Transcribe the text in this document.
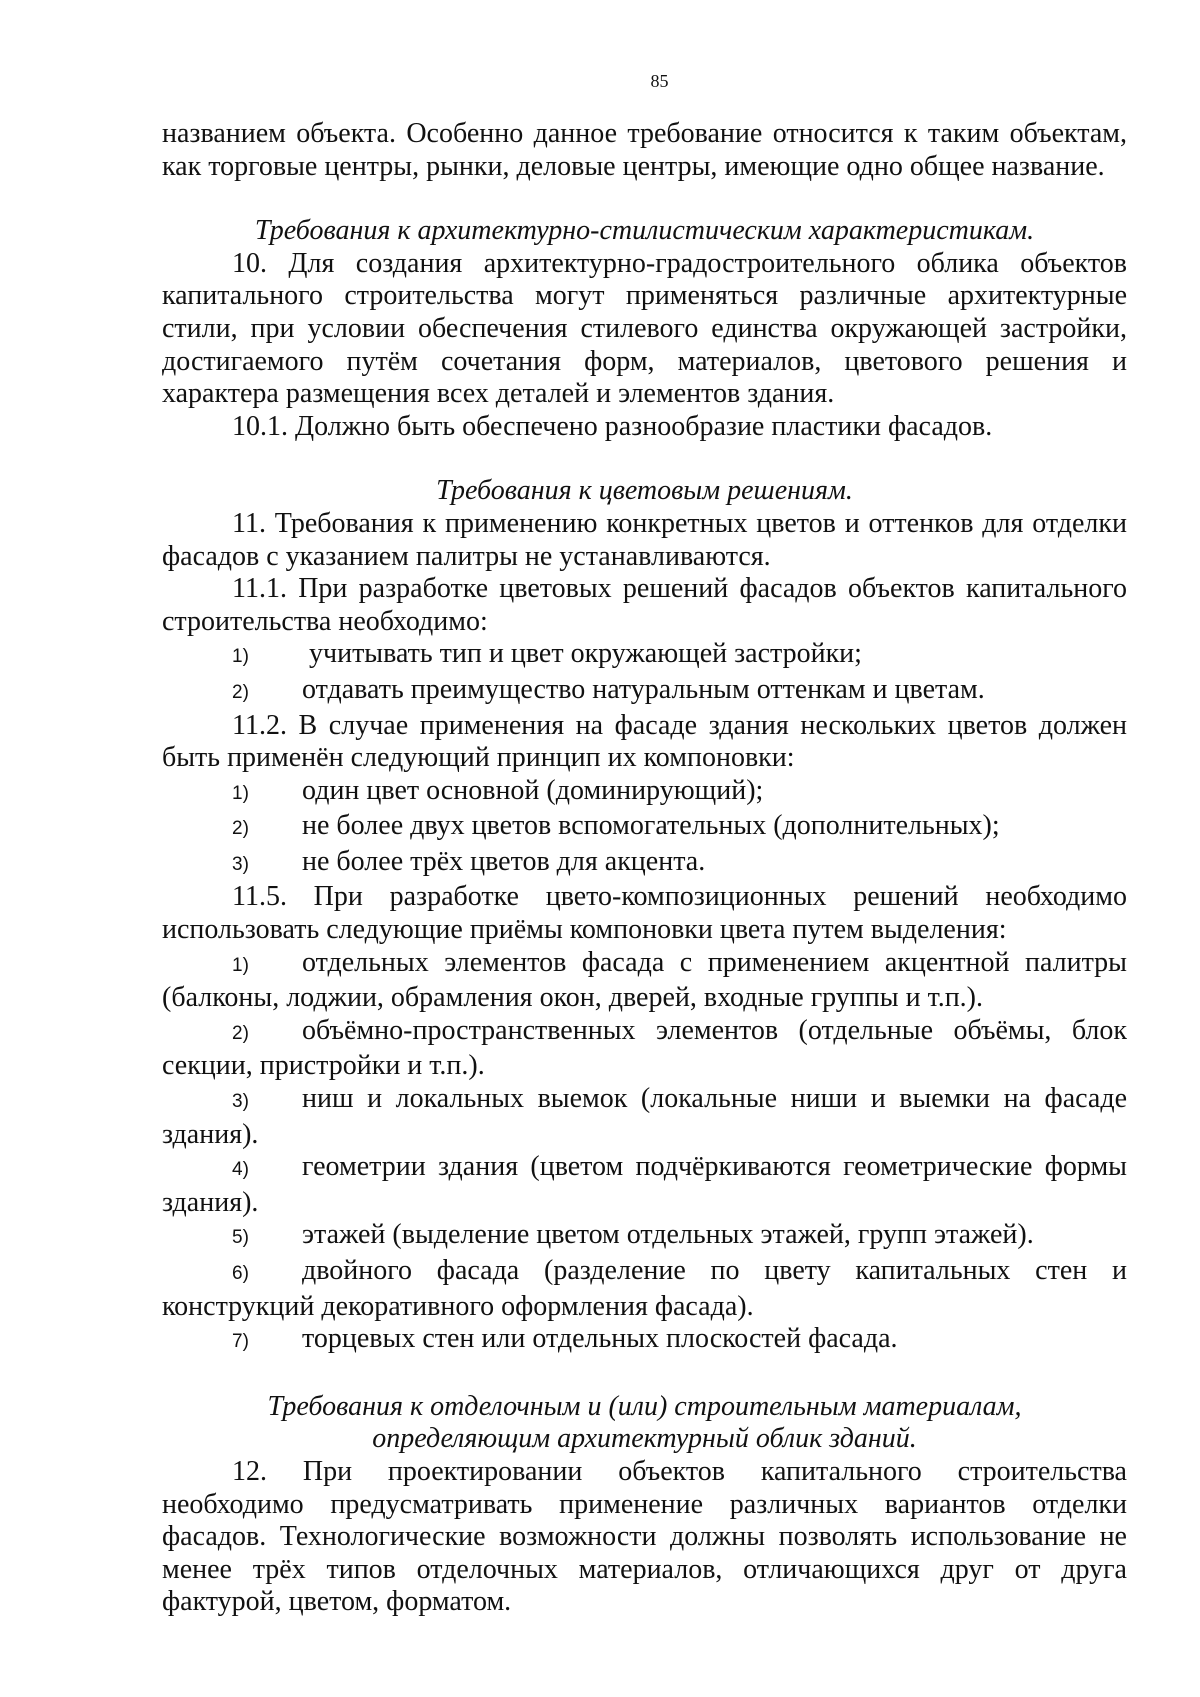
85

названием объекта. Особенно данное требование относится к таким объектам, как торговые центры, рынки, деловые центры, имеющие одно общее название.

Требования к архитектурно-стилистическим характеристикам.

10. Для создания архитектурно-градостроительного облика объектов капитального строительства могут применяться различные архитектурные стили, при условии обеспечения стилевого единства окружающей застройки, достигаемого путём сочетания форм, материалов, цветового решения и характера размещения всех деталей и элементов здания.

10.1. Должно быть обеспечено разнообразие пластики фасадов.

Требования к цветовым решениям.

11. Требования к применению конкретных цветов и оттенков для отделки фасадов с указанием палитры не устанавливаются.

11.1. При разработке цветовых решений фасадов объектов капитального строительства необходимо:

1) учитывать тип и цвет окружающей застройки;

2) отдавать преимущество натуральным оттенкам и цветам.

11.2. В случае применения на фасаде здания нескольких цветов должен быть применён следующий принцип их компоновки:

1) один цвет основной (доминирующий);

2) не более двух цветов вспомогательных (дополнительных);

3) не более трёх цветов для акцента.

11.5. При разработке цвето-композиционных решений необходимо использовать следующие приёмы компоновки цвета путем выделения:

1) отдельных элементов фасада с применением акцентной палитры (балконы, лоджии, обрамления окон, дверей, входные группы и т.п.).

2) объёмно-пространственных элементов (отдельные объёмы, блок секции, пристройки и т.п.).

3) ниш и локальных выемок (локальные ниши и выемки на фасаде здания).

4) геометрии здания (цветом подчёркиваются геометрические формы здания).

5) этажей (выделение цветом отдельных этажей, групп этажей).

6) двойного фасада (разделение по цвету капитальных стен и конструкций декоративного оформления фасада).

7) торцевых стен или отдельных плоскостей фасада.

Требования к отделочным и (или) строительным материалам,

определяющим архитектурный облик зданий.

12. При проектировании объектов капитального строительства необходимо предусматривать применение различных вариантов отделки фасадов. Технологические возможности должны позволять использование не менее трёх типов отделочных материалов, отличающихся друг от друга фактурой, цветом, форматом.
